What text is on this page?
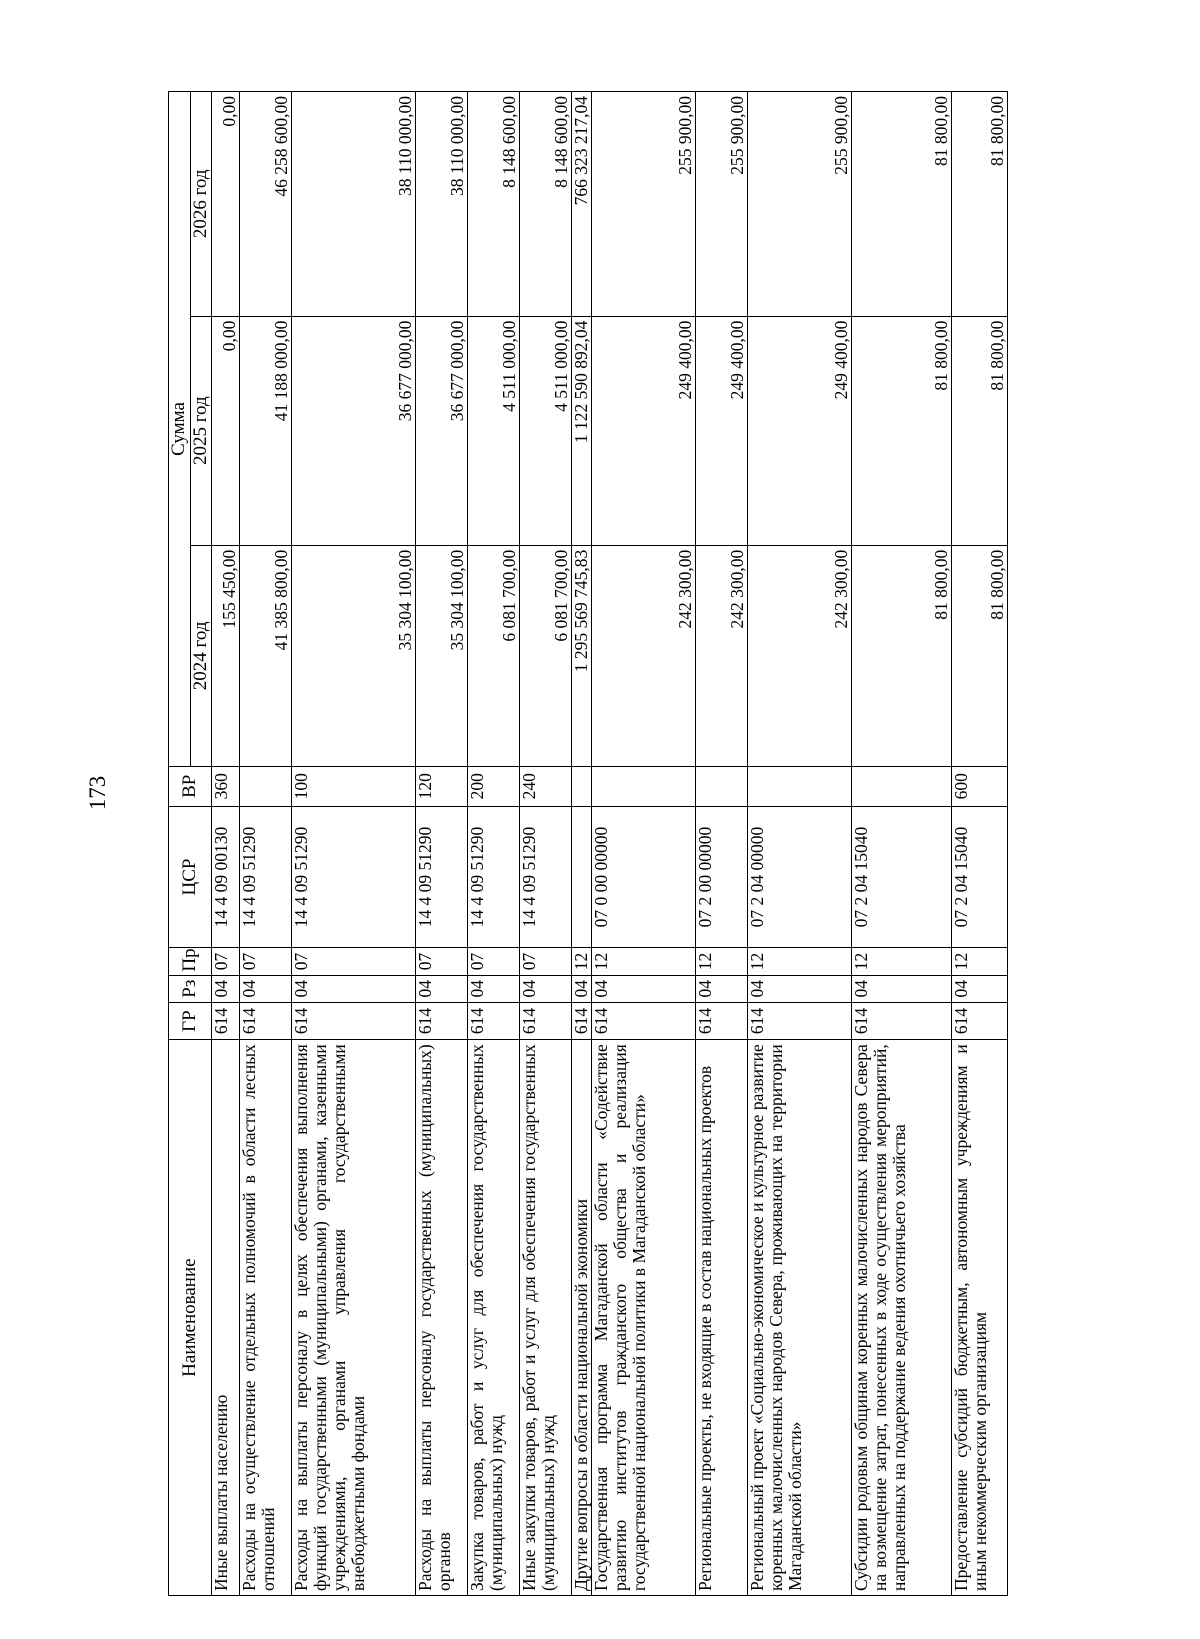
173
Наименование	ГР	Рз	Пр	ЦСР	ВР	Сумма		
						2024 год	2025 год	2026 год
Иные выплаты населению	614	04	07	14 4 09 00130	360	155 450,00	0,00	0,00
Расходы на осуществление отдельных полномочий в области лесных отношений	614	04	07	14 4 09 51290		41 385 800,00	41 188 000,00	46 258 600,00
Расходы на выплаты персоналу в целях обеспечения выполнения функций государственными (муниципальными) органами, казенными учреждениями, органами управления государственными внебюджетными фондами	614	04	07	14 4 09 51290	100	35 304 100,00	36 677 000,00	38 110 000,00
Расходы на выплаты персоналу государственных (муниципальных) органов	614	04	07	14 4 09 51290	120	35 304 100,00	36 677 000,00	38 110 000,00
Закупка товаров, работ и услуг для обеспечения государственных (муниципальных) нужд	614	04	07	14 4 09 51290	200	6 081 700,00	4 511 000,00	8 148 600,00
Иные закупки товаров, работ и услуг для обеспечения государственных (муниципальных) нужд	614	04	07	14 4 09 51290	240	6 081 700,00	4 511 000,00	8 148 600,00
Другие вопросы в области национальной экономики	614	04	12			1 295 569 745,83	1 122 590 892,04	766 323 217,04
Государственная программа Магаданской области «Содействие развитию институтов гражданского общества и реализация государственной национальной политики в Магаданской области»	614	04	12	07 0 00 00000		242 300,00	249 400,00	255 900,00
Региональные проекты, не входящие в состав национальных проектов	614	04	12	07 2 00 00000		242 300,00	249 400,00	255 900,00
Региональный проект «Социально-экономическое и культурное развитие коренных малочисленных народов Севера, проживающих на территории Магаданской области»	614	04	12	07 2 04 00000		242 300,00	249 400,00	255 900,00
Субсидии родовым общинам коренных малочисленных народов Севера на возмещение затрат, понесенных в ходе осуществления мероприятий, направленных на поддержание ведения охотничьего хозяйства	614	04	12	07 2 04 15040		81 800,00	81 800,00	81 800,00
Предоставление субсидий бюджетным, автономным учреждениям и иным некоммерческим организациям	614	04	12	07 2 04 15040	600	81 800,00	81 800,00	81 800,00
